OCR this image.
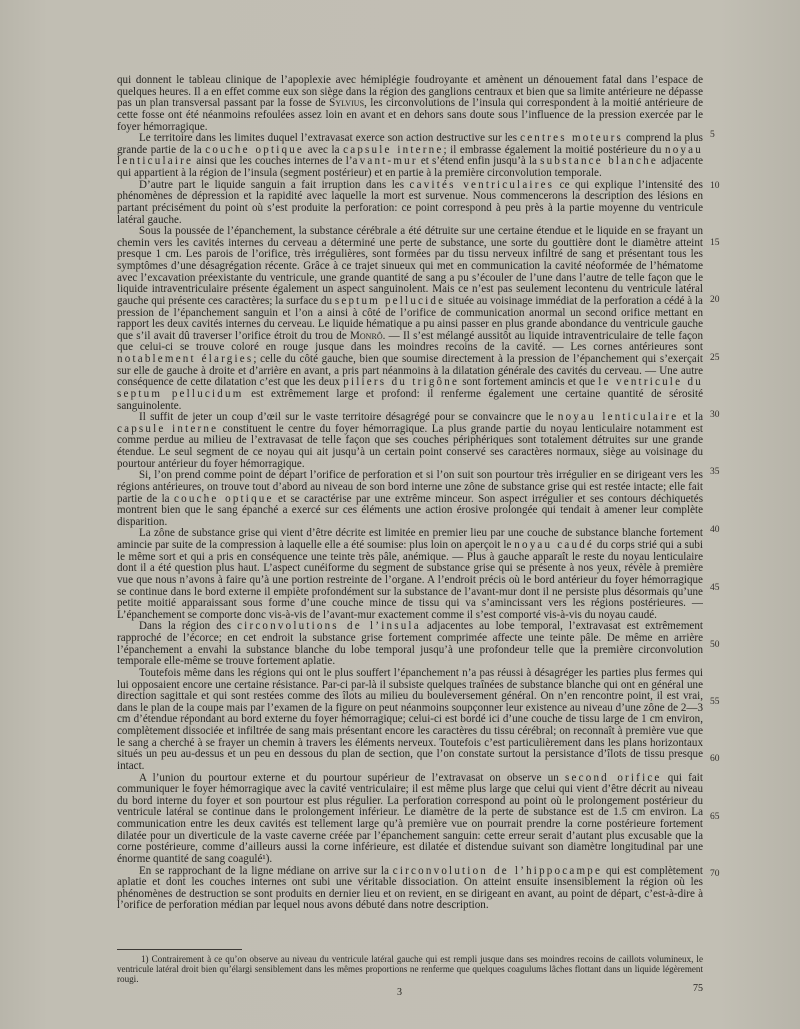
qui donnent le tableau clinique de l’apoplexie avec hémiplégie foudroyante et amènent un dénouement fatal dans l’espace de quelques heures. Il a en effet comme eux son siège dans la région des ganglions centraux et bien que sa limite antérieure ne dépasse pas un plan transversal passant par la fosse de Sylvius, les circonvolutions de l’insula qui correspondent à la moitié antérieure de cette fosse ont été néanmoins refoulées assez loin en avant et en dehors sans doute sous l’influence de la pression exercée par le foyer hémorragique.

Le territoire dans les limites duquel l’extravasat exerce son action destructive sur les centres moteurs comprend la plus grande partie de la couche optique avec la capsule interne; il embrasse également la moitié postérieure du noyau lenticulaire ainsi que les couches internes de l’avant-mur et s’étend enfin jusqu’à la substance blanche adjacente qui appartient à la région de l’insula (segment postérieur) et en partie à la première circonvolution temporale.

D’autre part le liquide sanguin a fait irruption dans les cavités ventriculaires ce qui explique l’intensité des phénomènes de dépression et la rapidité avec laquelle la mort est survenue. Nous commencerons la description des lésions en partant précisément du point où s’est produite la perforation: ce point correspond à peu près à la partie moyenne du ventricule latéral gauche.

Sous la poussée de l’épanchement, la substance cérébrale a été détruite sur une certaine étendue et le liquide en se frayant un chemin vers les cavités internes du cerveau a déterminé une perte de substance, une sorte du gouttière dont le diamètre atteint presque 1 cm. Les parois de l’orifice, très irrégulières, sont formées par du tissu nerveux infiltré de sang et présentant tous les symptômes d’une désagrégation récente. Grâce à ce trajet sinueux qui met en communication la cavité néoformée de l’hématome avec l’excavation préexistante du ventricule, une grande quantité de sang a pu s’écouler de l’une dans l’autre de telle façon que le liquide intraventriculaire présente également un aspect sanguinolent. Mais ce n’est pas seulement lecontenu du ventricule latéral gauche qui présente ces caractères; la surface du septum pellucide située au voisinage immédiat de la perforation a cédé à la pression de l’épanchement sanguin et l’on a ainsi à côté de l’orifice de communication anormal un second orifice mettant en rapport les deux cavités internes du cerveau. Le liquide hématique a pu ainsi passer en plus grande abondance du ventricule gauche que s’il avait dû traverser l’orifice étroit du trou de Monrô. — Il s’est mélangé aussitôt au liquide intraventriculaire de telle façon que celui-ci se trouve coloré en rouge jusque dans les moindres recoins de la cavité. — Les cornes antérieures sont notablement élargies; celle du côté gauche, bien que soumise directement à la pression de l’épanchement qui s’exerçait sur elle de gauche à droite et d’arrière en avant, a pris part néanmoins à la dilatation générale des cavités du cerveau. — Une autre conséquence de cette dilatation c’est que les deux piliers du trigône sont fortement amincis et que le ventricule du septum pellucidum est extrêmement large et profond: il renferme également une certaine quantité de sérosité sanguinolente.

Il suffit de jeter un coup d’œil sur le vaste territoire désagrégé pour se convaincre que le noyau lenticulaire et la capsule interne constituent le centre du foyer hémorragique. La plus grande partie du noyau lenticulaire notamment est comme perdue au milieu de l’extravasat de telle façon que ses couches périphériques sont totalement détruites sur une grande étendue. Le seul segment de ce noyau qui ait jusqu’à un certain point conservé ses caractères normaux, siège au voisinage du pourtour antérieur du foyer hémorragique.

Si, l’on prend comme point de départ l’orifice de perforation et si l’on suit son pourtour très irrégulier en se dirigeant vers les régions antérieures, on trouve tout d’abord au niveau de son bord interne une zône de substance grise qui est restée intacte; elle fait partie de la couche optique et se caractérise par une extrême minceur. Son aspect irrégulier et ses contours déchiquetés montrent bien que le sang épanché a exercé sur ces éléments une action érosive prolongée qui tendait à amener leur complète disparition.

La zône de substance grise qui vient d’être décrite est limitée en premier lieu par une couche de substance blanche fortement amincie par suite de la compression à laquelle elle a été soumise: plus loin on aperçoit le noyau caudé du corps strié qui a subi le même sort et qui a pris en conséquence une teinte très pâle, anémique. — Plus à gauche apparaît le reste du noyau lenticulaire dont il a été question plus haut. L’aspect cunéiforme du segment de substance grise qui se présente à nos yeux, révèle à première vue que nous n’avons à faire qu’à une portion restreinte de l’organe. A l’endroit précis où le bord antérieur du foyer hémorragique se continue dans le bord externe il empiète profondément sur la substance de l’avant-mur dont il ne persiste plus désormais qu’une petite moitié apparaissant sous forme d’une couche mince de tissu qui va s’amincissant vers les régions postérieures. — L’épanchement se comporte donc vis-à-vis de l’avant-mur exactement comme il s’est comporté vis-à-vis du noyau caudé.

Dans la région des circonvolutions de l’insula adjacentes au lobe temporal, l’extravasat est extrêmement rapproché de l’écorce; en cet endroit la substance grise fortement comprimée affecte une teinte pâle. De même en arrière l’épanchement a envahi la substance blanche du lobe temporal jusqu’à une profondeur telle que la première circonvolution temporale elle-même se trouve fortement aplatie.

Toutefois même dans les régions qui ont le plus souffert l’épanchement n’a pas réussi à désagréger les parties plus fermes qui lui opposaient encore une certaine résistance. Par-ci par-là il subsiste quelques traînées de substance blanche qui ont en général une direction sagittale et qui sont restées comme des îlots au milieu du bouleversement général. On n’en rencontre point, il est vrai, dans le plan de la coupe mais par l’examen de la figure on peut néanmoins soupçonner leur existence au niveau d’une zône de 2—3 cm d’étendue répondant au bord externe du foyer hémorragique; celui-ci est bordé ici d’une couche de tissu large de 1 cm environ, complètement dissociée et infiltrée de sang mais présentant encore les caractères du tissu cérébral; on reconnaît à première vue que le sang a cherché à se frayer un chemin à travers les éléments nerveux. Toutefois c’est particulièrement dans les plans horizontaux situés un peu au-dessus et un peu en dessous du plan de section, que l’on constate surtout la persistance d’îlots de tissu presque intact.

A l’union du pourtour externe et du pourtour supérieur de l’extravasat on observe un second orifice qui fait communiquer le foyer hémorragique avec la cavité ventriculaire; il est même plus large que celui qui vient d’être décrit au niveau du bord interne du foyer et son pourtour est plus régulier. La perforation correspond au point où le prolongement postérieur du ventricule latéral se continue dans le prolongement inférieur. Le diamètre de la perte de substance est de 1.5 cm environ. La communication entre les deux cavités est tellement large qu’à première vue on pourrait prendre la corne postérieure fortement dilatée pour un diverticule de la vaste caverne créée par l’épanchement sanguin: cette erreur serait d’autant plus excusable que la corne postérieure, comme d’ailleurs aussi la corne inférieure, est dilatée et distendue suivant son diamètre longitudinal par une énorme quantité de sang coagulé¹).

En se rapprochant de la ligne médiane on arrive sur la circonvolution de l’hippocampe qui est complètement aplatie et dont les couches internes ont subi une véritable dissociation. On atteint ensuite insensiblement la région où les phénomènes de destruction se sont produits en dernier lieu et on revient, en se dirigeant en avant, au point de départ, c’est-à-dire à l’orifice de perforation médian par lequel nous avons débuté dans notre description.

5
10
15
20
25
30
35
40
45
50
55
60
65
70

1) Contrairement à ce qu’on observe au niveau du ventricule latéral gauche qui est rempli jusque dans ses moindres recoins de caillots volumineux, le ventricule latéral droit bien qu’élargi sensiblement dans les mêmes proportions ne renferme que quelques coagulums lâches flottant dans un liquide légèrement rougi.

3	75
